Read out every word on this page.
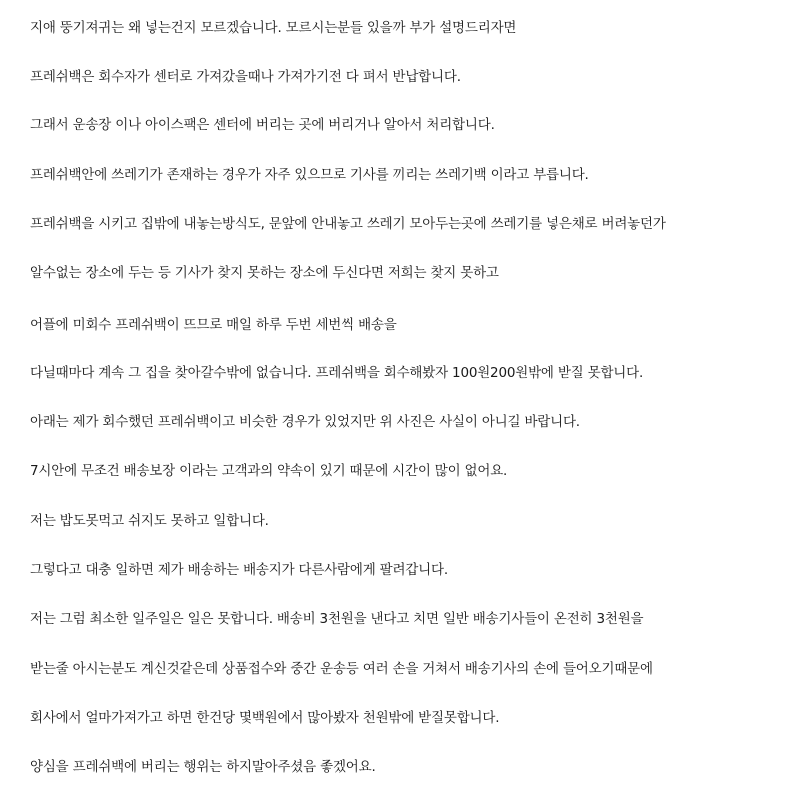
지애 뚱기져귀는 왜 넣는건지 모르겠습니다. 모르시는분들 있을까 부가 설명드리자면

프레쉬백은 회수자가 센터로 가져갔을때나 가져가기전 다 펴서 반납합니다.

그래서 운송장 이나 아이스팩은 센터에 버리는 곳에 버리거나 알아서 처리합니다.

프레쉬백안에 쓰레기가 존재하는 경우가 자주 있으므로 기사를 끼리는 쓰레기백 이라고 부릅니다.

프레쉬백을 시키고 집밖에 내놓는방식도, 문앞에 안내놓고 쓰레기 모아두는곳에 쓰레기를 넣은채로 버려놓던가

알수없는 장소에 두는 등 기사가 찾지 못하는 장소에 두신다면 저희는 찾지 못하고

어플에 미회수 프레쉬백이 뜨므로 매일 하루 두번 세번씩 배송을

다닐때마다 계속 그 집을 찾아갈수밖에 없습니다. 프레쉬백을 회수해봤자 100원200원밖에 받질 못합니다.

아래는 제가 회수했던 프레쉬백이고 비슷한 경우가 있었지만 위 사진은 사실이 아니길 바랍니다.

7시안에 무조건 배송보장 이라는 고객과의 약속이 있기 때문에 시간이 많이 없어요.

저는 밥도못먹고 쉬지도 못하고 일합니다.

그렇다고 대충 일하면 제가 배송하는 배송지가 다른사람에게 팔려갑니다.

저는 그럼 최소한 일주일은 일은 못합니다. 배송비 3천원을 낸다고 치면 일반 배송기사들이 온전히 3천원을

받는줄 아시는분도 계신것같은데 상품접수와 중간 운송등 여러 손을 거쳐서 배송기사의 손에 들어오기때문에

회사에서 얼마가져가고 하면 한건당 몇백원에서 많아봤자 천원밖에 받질못합니다.

양심을 프레쉬백에 버리는 행위는 하지말아주셨음 좋겠어요.
